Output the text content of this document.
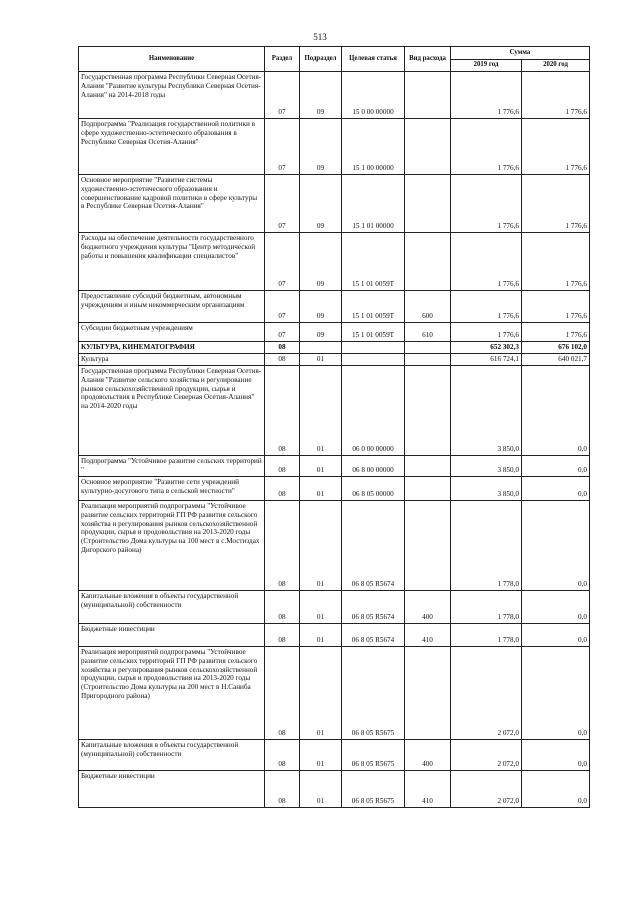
513
Наименование	Раздел	Подраздел	Целевая статья	Вид расхода	Сумма	
					2019 год	2020 год
Государственная программа Республики Северная Осетия-Алания "Развитие культуры Республики Северная Осетия-Алания" на 2014-2018 годы	07	09	15 0 00 00000		1 776,6	1 776,6
Подпрограмма "Реализация государственной политики в сфере художественно-эстетического образования в Республике Северная Осетия-Алания"	07	09	15 1 00 00000		1 776,6	1 776,6
Основное мероприятие "Развитие системы художественно-эстетического образования и совершенствование кадровой политики в сфере культуры в Республике Северная Осетия-Алания"	07	09	15 1 01 00000		1 776,6	1 776,6
Расходы на обеспечение деятельности государственного бюджетного учреждения культуры "Центр методической работы и повышения квалификации специалистов"	07	09	15 1 01 0059Т		1 776,6	1 776,6
Предоставление субсидий бюджетным, автономным учреждениям и иным некоммерческим организациям	07	09	15 1 01 0059Т	600	1 776,6	1 776,6
Субсидии бюджетным учреждениям	07	09	15 1 01 0059Т	610	1 776,6	1 776,6
КУЛЬТУРА, КИНЕМАТОГРАФИЯ	08				652 302,3	676 102,0
Культура	08	01			616 724,1	640 021,7
Государственная программа Республики Северная Осетия-Алания "Развитие сельского хозяйства и регулирование рынков сельскохозяйственной продукции, сырья и продовольствия в Республике Северная Осетия-Алания" на 2014-2020 годы	08	01	06 0 00 00000		3 850,0	0,0
Подпрограмма "Устойчивое развитие сельских территорий "	08	01	06 8 00 00000		3 850,0	0,0
Основное мероприятие "Развитие сети учреждений культурно-досугового типа в сельской местности"	08	01	06 8 05 00000		3 850,0	0,0
Реализация мероприятий подпрограммы "Устойчивое развитие сельских территорий ГП РФ развития сельского хозяйства и регулирования рынков сельскохозяйственной продукции, сырья и продовольствия на 2013-2020 годы (Строительство Дома культуры на 100 мест в с.Мостиздах Дигорского района)	08	01	06 8 05 R5674		1 778,0	0,0
Капитальные вложения в объекты государственной (муниципальной) собственности	08	01	06 8 05 R5674	400	1 778,0	0,0
Бюджетные инвестиции	08	01	06 8 05 R5674	410	1 778,0	0,0
Реализация мероприятий подпрограммы "Устойчивое развитие сельских территорий ГП РФ развития сельского хозяйства и регулирования рынков сельскохозяйственной продукции, сырья и продовольствия на 2013-2020 годы (Строительство Дома культуры на 200 мест в Н.Саниба Пригородного района)	08	01	06 8 05 R5675		2 072,0	0,0
Капитальные вложения в объекты государственной (муниципальной) собственности	08	01	06 8 05 R5675	400	2 072,0	0,0
Бюджетные инвестиции	08	01	06 8 05 R5675	410	2 072,0	0,0
